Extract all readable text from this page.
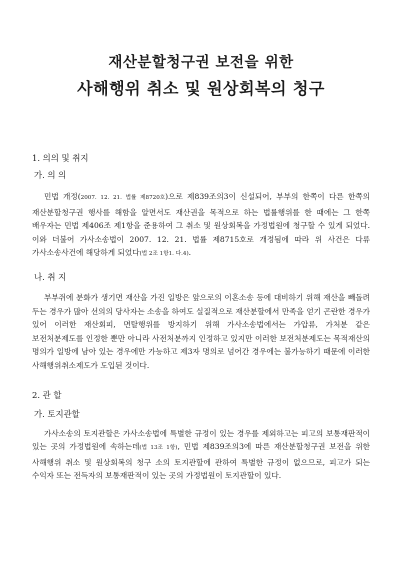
재산분할청구권 보전을 위한
사해행위 취소 및 원상회복의 청구
1. 의의 및 취지
가. 의 의

민법 개정(2007. 12. 21. 법률 제8720호)으로 제839조의3이 신설되어, 부부의 한쪽이 다른 한쪽의 재산분할청구권 행사를 해함을 알면서도 재산권을 목적으로 하는 법률행위를 한 때에는 그 한쪽 배우자는 민법 제406조 제1항을 준용하여 그 취소 및 원상회복을 가정법원에 청구할 수 있게 되었다. 이와 더불어 가사소송법이 2007. 12. 21. 법률 제8715호로 개정됨에 따라 위 사건은 다류 가사소송사건에 해당하게 되었다(법 2조 1항1. 다.4).

나. 취 지

부부쥐에 분화가 생기면 재산을 가진 일방은 앞으로의 이혼소송 등에 대비하기 위해 재산을 빼돌려 두는 경우가 많아 선의의 당사자는 소송을 하여도 실질적으로 재산분할에서 만족을 얻기 곤란한 경우가 있어 이러한 재산회피, 면탈행위를 방지하기 위해 가사소송법에서는 가압류, 가처분 같은 보전처분제도를 인정한 뿐만 아니라 사전처분까지 인정하고 있지만 이러한 보전처분제도는 목적재산의 명의가 일방에 남아 있는 경우에만 가능하고 제3자 명의로 넘어간 경우에는 불가능하기 때문에 이러한 사해행위취소제도가 도입된 것이다.

2. 관 할
가. 토지관할

가사소송의 토지관할은 가사소송법에 특별한 규정이 있는 경우를 제외하고는 피고의 보통재판적이 있는 곳의 가정법원에 속하는데(법 13조 1항), 민법 제839조의3에 따른 재산분할청구권 보전을 위한 사해행위 취소 및 원상회복의 청구 소의 토지관할에 관하여 특별한 규정이 없으므로, 피고가 되는 수익자 또는 전득자의 보통재판적이 있는 곳의 가정법원이 토지관할이 있다.
